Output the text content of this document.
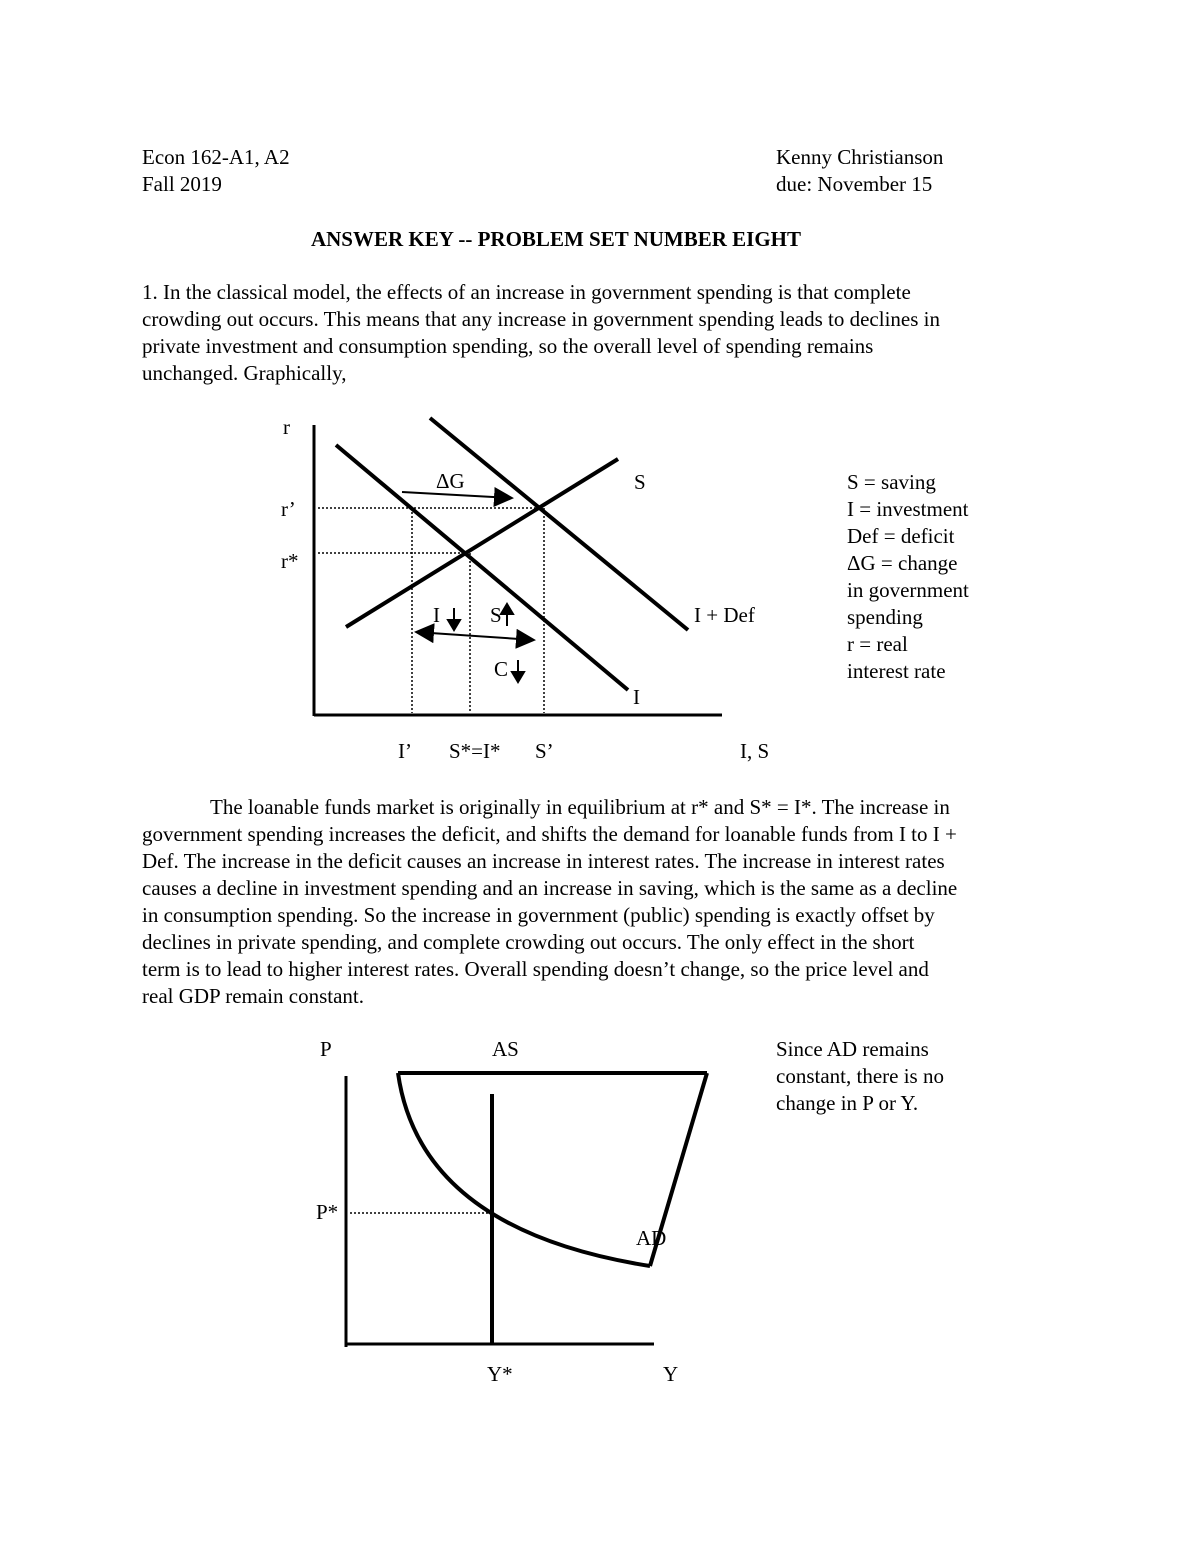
Econ 162-A1, A2
Fall 2019
Kenny Christianson
due: November 15
ANSWER KEY -- PROBLEM SET NUMBER EIGHT
1. In the classical model, the effects of an increase in government spending is that complete
crowding out occurs. This means that any increase in government spending leads to declines in
private investment and consumption spending, so the overall level of spending remains
unchanged. Graphically,
r
r’
r*
ΔG	S
I + Def
I
I S
C
I’ S*=I* S’	I, S
P	AS
P*
AD
Y*	Y
S = saving
I = investment
Def = deficit
ΔG = change
in government
spending
r = real
interest rate
The loanable funds market is originally in equilibrium at r* and S* = I*. The increase in
government spending increases the deficit, and shifts the demand for loanable funds from I to I +
Def. The increase in the deficit causes an increase in interest rates. The increase in interest rates
causes a decline in investment spending and an increase in saving, which is the same as a decline
in consumption spending. So the increase in government (public) spending is exactly offset by
declines in private spending, and complete crowding out occurs. The only effect in the short
term is to lead to higher interest rates. Overall spending doesn’t change, so the price level and
real GDP remain constant.
Since AD remains
constant, there is no
change in P or Y.
